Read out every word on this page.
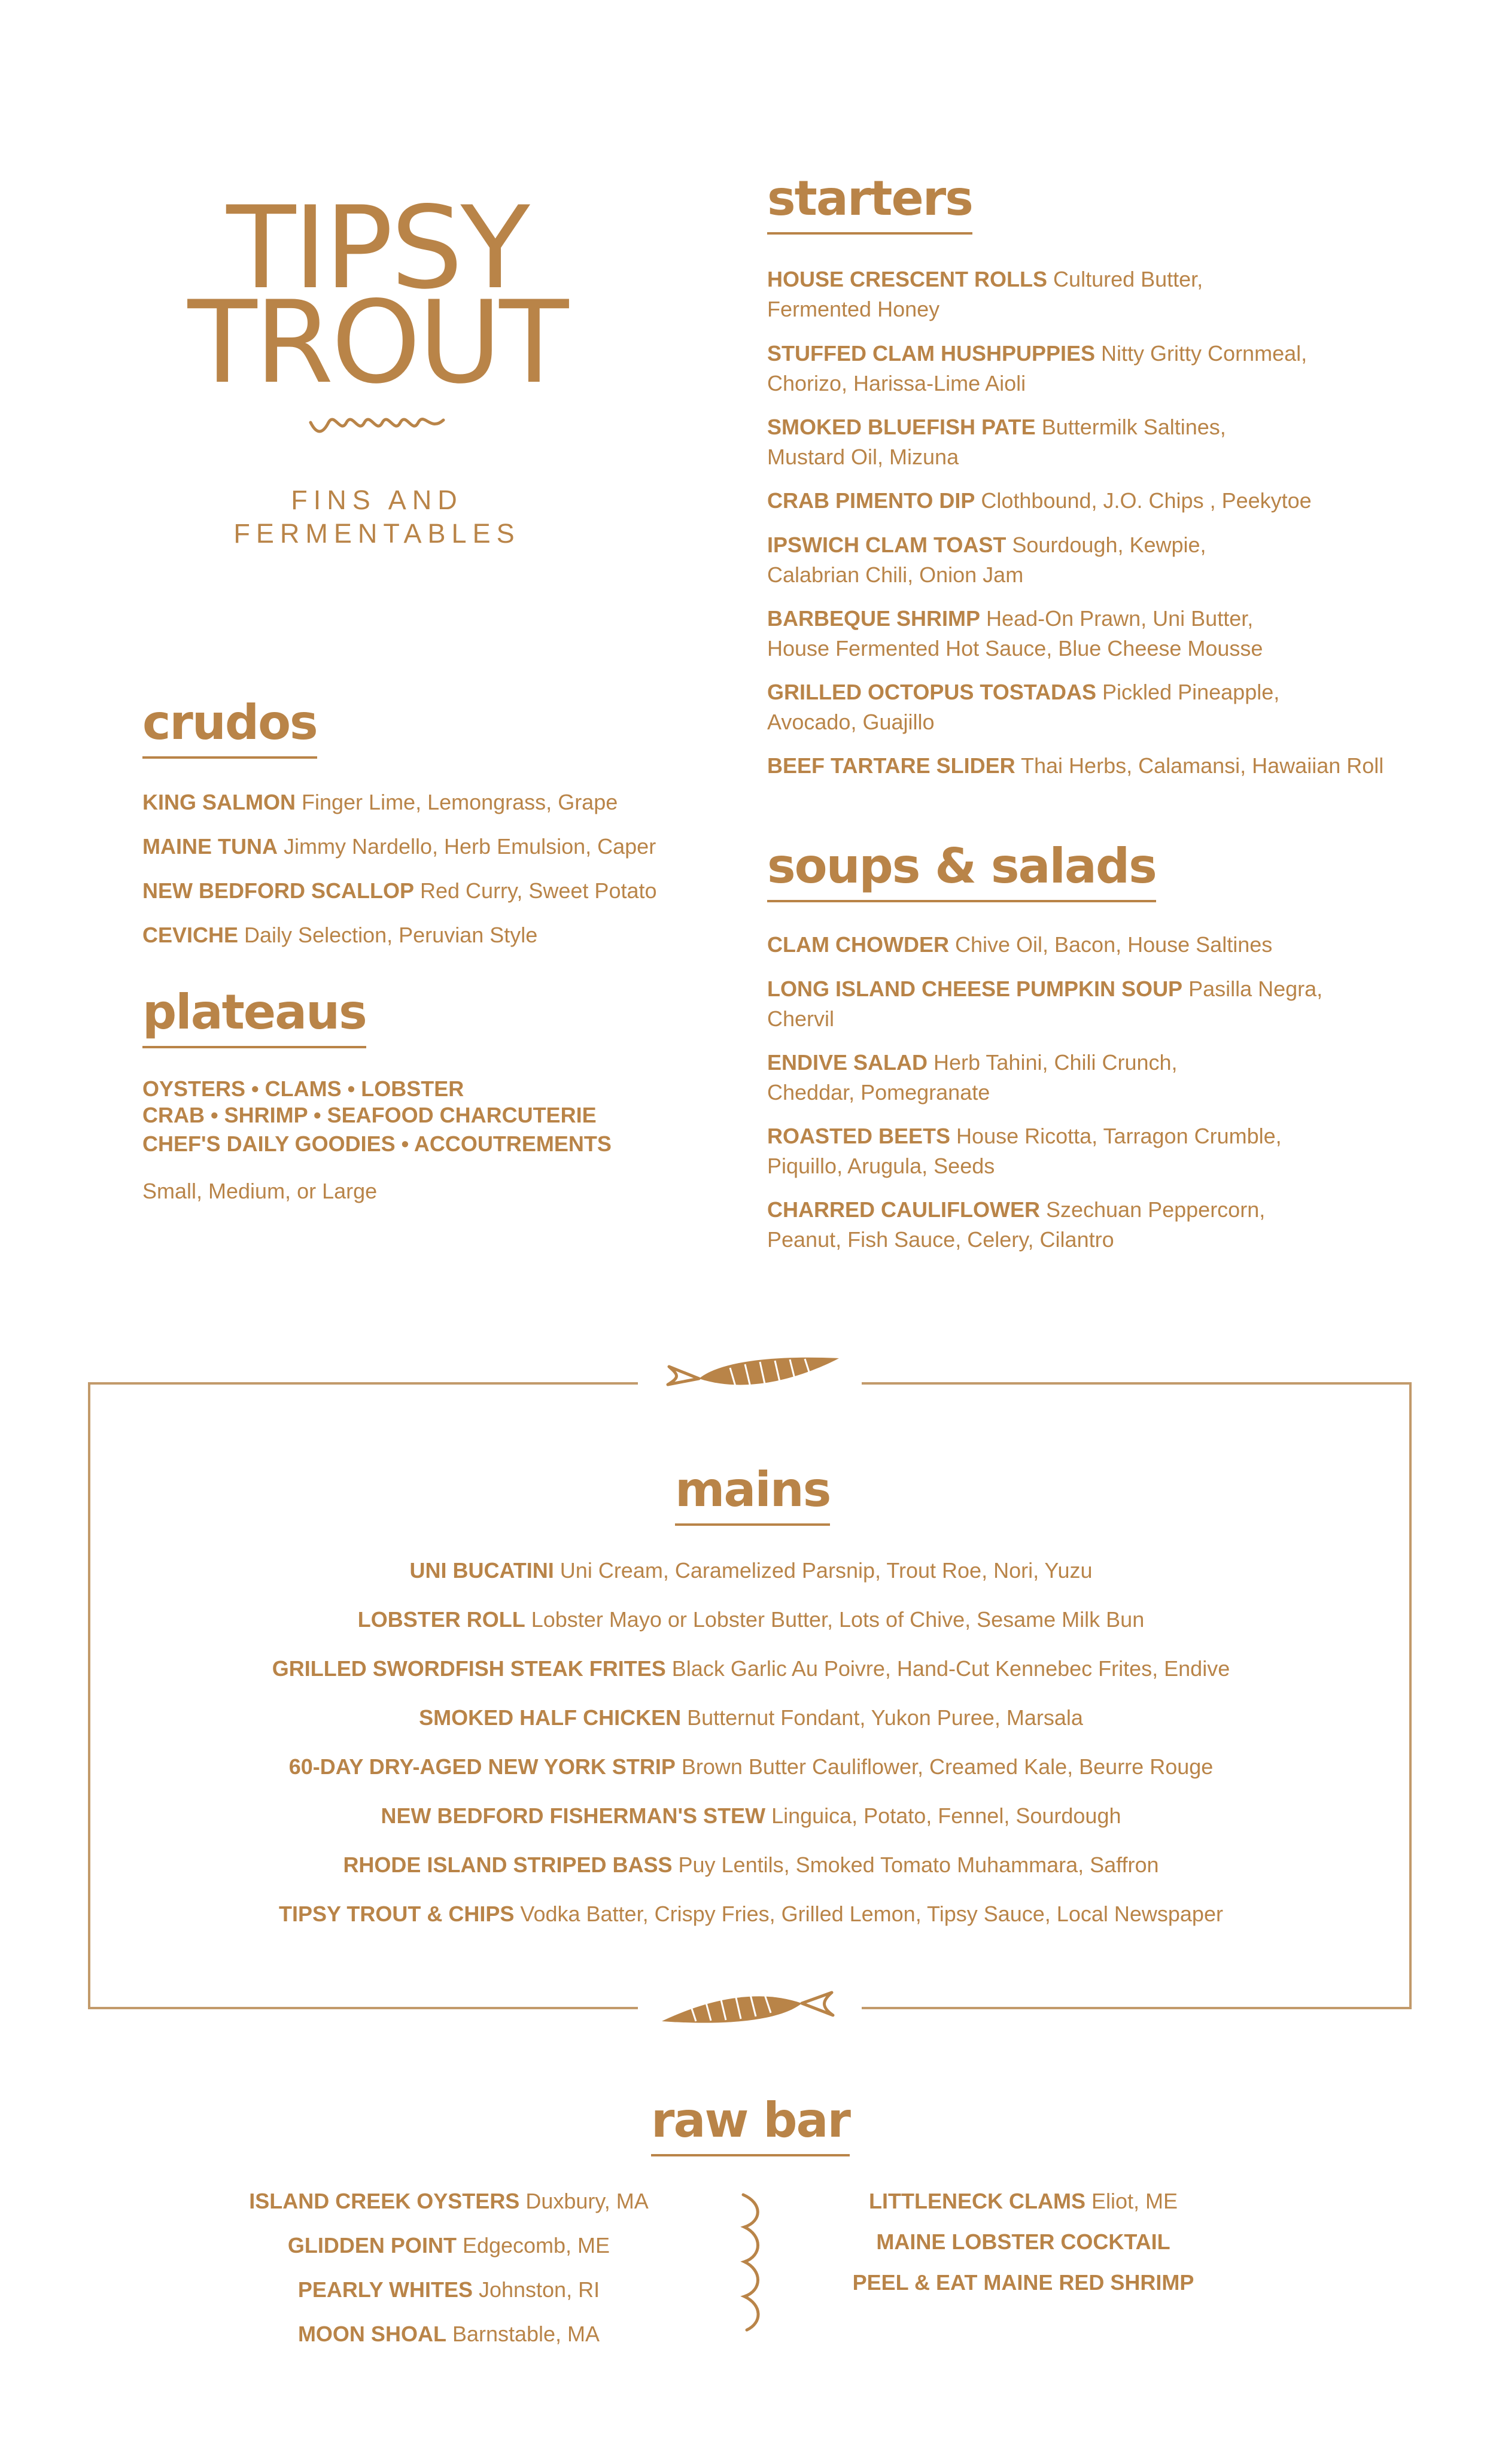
TIPSY
TROUT
FINS AND
FERMENTABLES
crudos

KING SALMON Finger Lime, Lemongrass, Grape

MAINE TUNA Jimmy Nardello, Herb Emulsion, Caper

NEW BEDFORD SCALLOP Red Curry, Sweet Potato

CEVICHE Daily Selection, Peruvian Style

plateaus

OYSTERS • CLAMS • LOBSTER

CRAB • SHRIMP • SEAFOOD CHARCUTERIE

CHEF'S DAILY GOODIES • ACCOUTREMENTS

Small, Medium, or Large

starters

HOUSE CRESCENT ROLLS Cultured Butter,
Fermented Honey

STUFFED CLAM HUSHPUPPIES Nitty Gritty Cornmeal,
Chorizo, Harissa-Lime Aioli

SMOKED BLUEFISH PATE Buttermilk Saltines,
Mustard Oil, Mizuna

CRAB PIMENTO DIP Clothbound, J.O. Chips , Peekytoe

IPSWICH CLAM TOAST Sourdough, Kewpie,
Calabrian Chili, Onion Jam

BARBEQUE SHRIMP Head-On Prawn, Uni Butter,
House Fermented Hot Sauce, Blue Cheese Mousse

GRILLED OCTOPUS TOSTADAS Pickled Pineapple,
Avocado, Guajillo

BEEF TARTARE SLIDER Thai Herbs, Calamansi, Hawaiian Roll

soups & salads

CLAM CHOWDER Chive Oil, Bacon, House Saltines

LONG ISLAND CHEESE PUMPKIN SOUP Pasilla Negra,
Chervil

ENDIVE SALAD Herb Tahini, Chili Crunch,
Cheddar, Pomegranate

ROASTED BEETS House Ricotta, Tarragon Crumble,
Piquillo, Arugula, Seeds

CHARRED CAULIFLOWER Szechuan Peppercorn,
Peanut, Fish Sauce, Celery, Cilantro

mains

UNI BUCATINI Uni Cream, Caramelized Parsnip, Trout Roe, Nori, Yuzu

LOBSTER ROLL Lobster Mayo or Lobster Butter, Lots of Chive, Sesame Milk Bun

GRILLED SWORDFISH STEAK FRITES Black Garlic Au Poivre, Hand-Cut Kennebec Frites, Endive

SMOKED HALF CHICKEN Butternut Fondant, Yukon Puree, Marsala

60-DAY DRY-AGED NEW YORK STRIP Brown Butter Cauliflower, Creamed Kale, Beurre Rouge

NEW BEDFORD FISHERMAN'S STEW Linguica, Potato, Fennel, Sourdough

RHODE ISLAND STRIPED BASS Puy Lentils, Smoked Tomato Muhammara, Saffron

TIPSY TROUT & CHIPS Vodka Batter, Crispy Fries, Grilled Lemon, Tipsy Sauce, Local Newspaper

raw bar

ISLAND CREEK OYSTERS Duxbury, MA

GLIDDEN POINT Edgecomb, ME

PEARLY WHITES Johnston, RI

MOON SHOAL Barnstable, MA

LITTLENECK CLAMS Eliot, ME

MAINE LOBSTER COCKTAIL

PEEL & EAT MAINE RED SHRIMP
